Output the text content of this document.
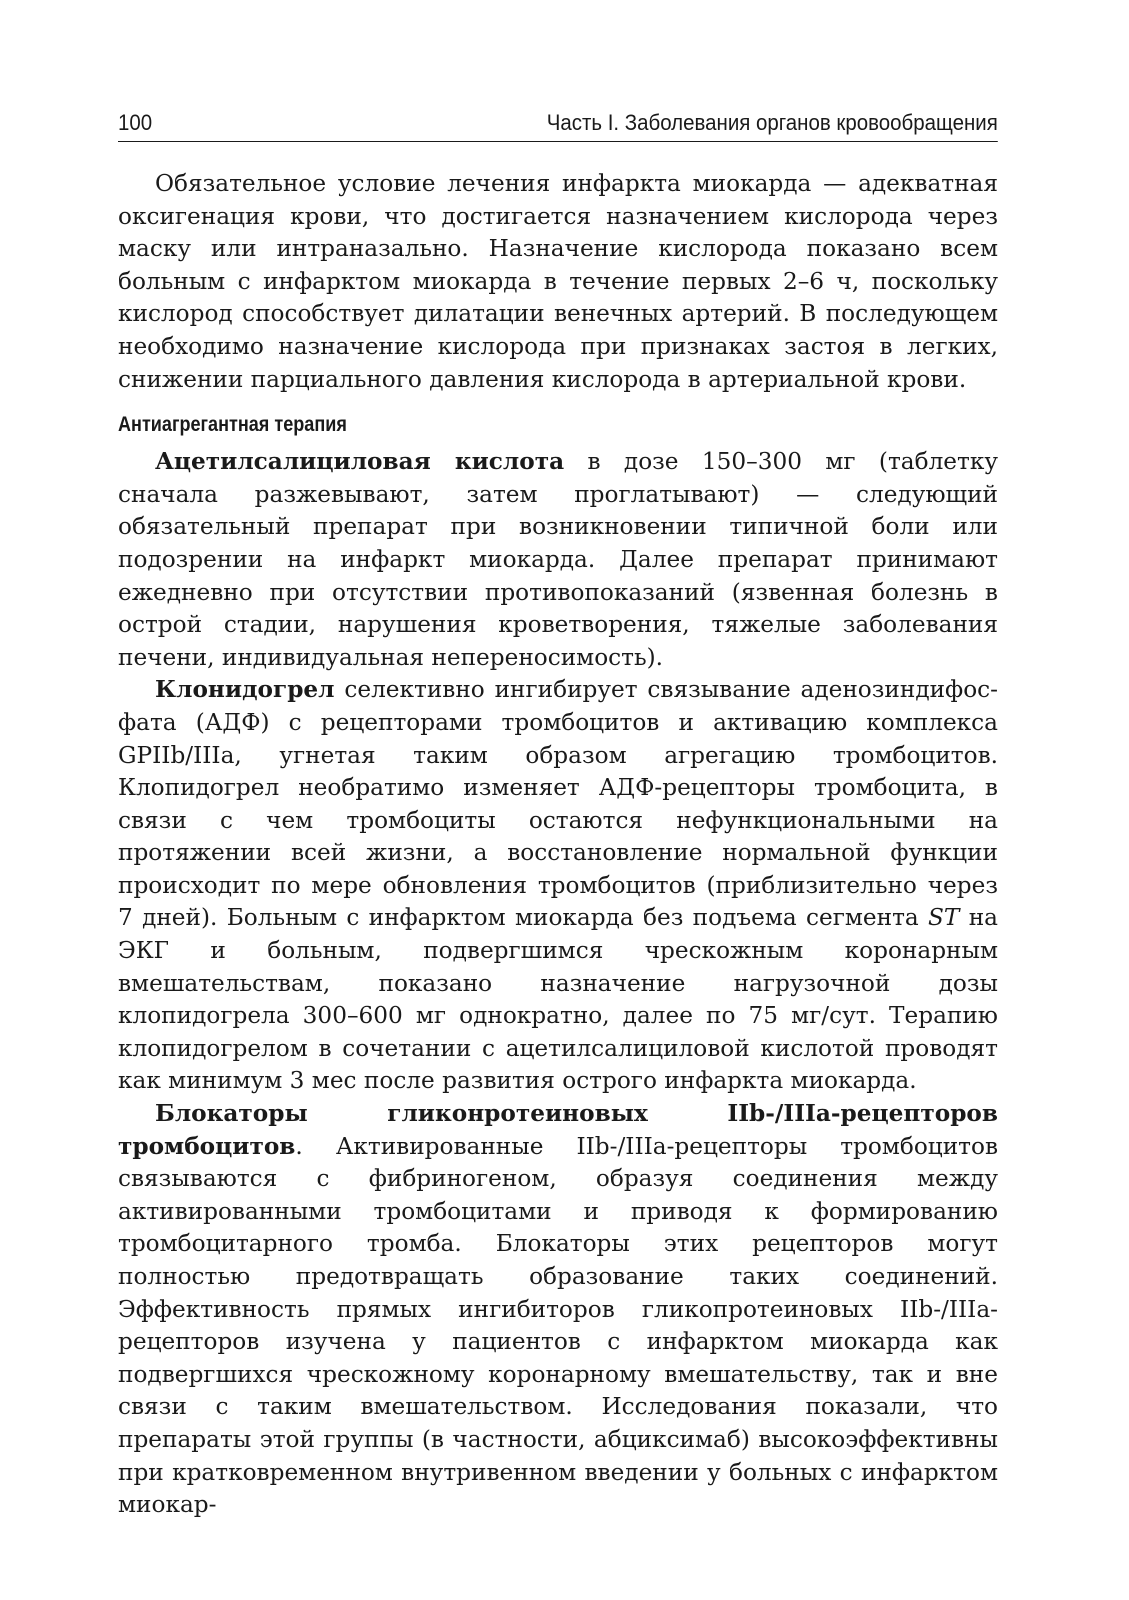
100	Часть I. Заболевания органов кровообращения

Обязательное условие лечения инфаркта миокарда — адекватная оксигенация крови, что достигается назначением кислорода через маску или интраназально. Назначение кислорода показано всем больным с инфарктом миокарда в течение первых 2–6 ч, поскольку кислород способствует дилатации венечных артерий. В последующем необходимо назначение кислорода при признаках застоя в легких, снижении парциального давления кислорода в артериальной крови.

Антиагрегантная терапия

Ацетилсалициловая кислота в дозе 150–300 мг (таблетку сначала разжевывают, затем проглатывают) — следующий обязательный препарат при возникновении типичной боли или подозрении на инфаркт миокарда. Далее препарат принимают ежедневно при отсутствии противопоказаний (язвенная болезнь в острой стадии, нарушения кроветворения, тяжелые заболевания печени, индивидуальная непереносимость).

Клонидогрел селективно ингибирует связывание аденозиндифосфата (АДФ) с рецепторами тромбоцитов и активацию комплекса GPIIb/IIIa, угнетая таким образом агрегацию тромбоцитов. Клопидогрел необратимо изменяет АДФ-рецепторы тромбоцита, в связи с чем тромбоциты остаются нефункциональными на протяжении всей жизни, а восстановление нормальной функции происходит по мере обновления тромбоцитов (приблизительно через 7 дней). Больным с инфарктом миокарда без подъема сегмента ST на ЭКГ и больным, подвергшимся чрескожным коронарным вмешательствам, показано назначение нагрузочной дозы клопидогрела 300–600 мг однократно, далее по 75 мг/сут. Терапию клопидогрелом в сочетании с ацетилсалициловой кислотой проводят как минимум 3 мес после развития острого инфаркта миокарда.

Блокаторы гликонротеиновых IIb-/IIIa-рецепторов тромбоцитов. Активированные IIb-/IIIa-рецепторы тромбоцитов связываются с фибриногеном, образуя соединения между активированными тромбоцитами и приводя к формированию тромбоцитарного тромба. Блокаторы этих рецепторов могут полностью предотвращать образование таких соединений. Эффективность прямых ингибиторов гликопротеиновых IIb-/IIIa-рецепторов изучена у пациентов с инфарктом миокарда как подвергшихся чрескожному коронарному вмешательству, так и вне связи с таким вмешательством. Исследования показали, что препараты этой группы (в частности, абциксимаб) высокоэффективны при кратковременном внутривенном введении у больных с инфарктом миокар-
